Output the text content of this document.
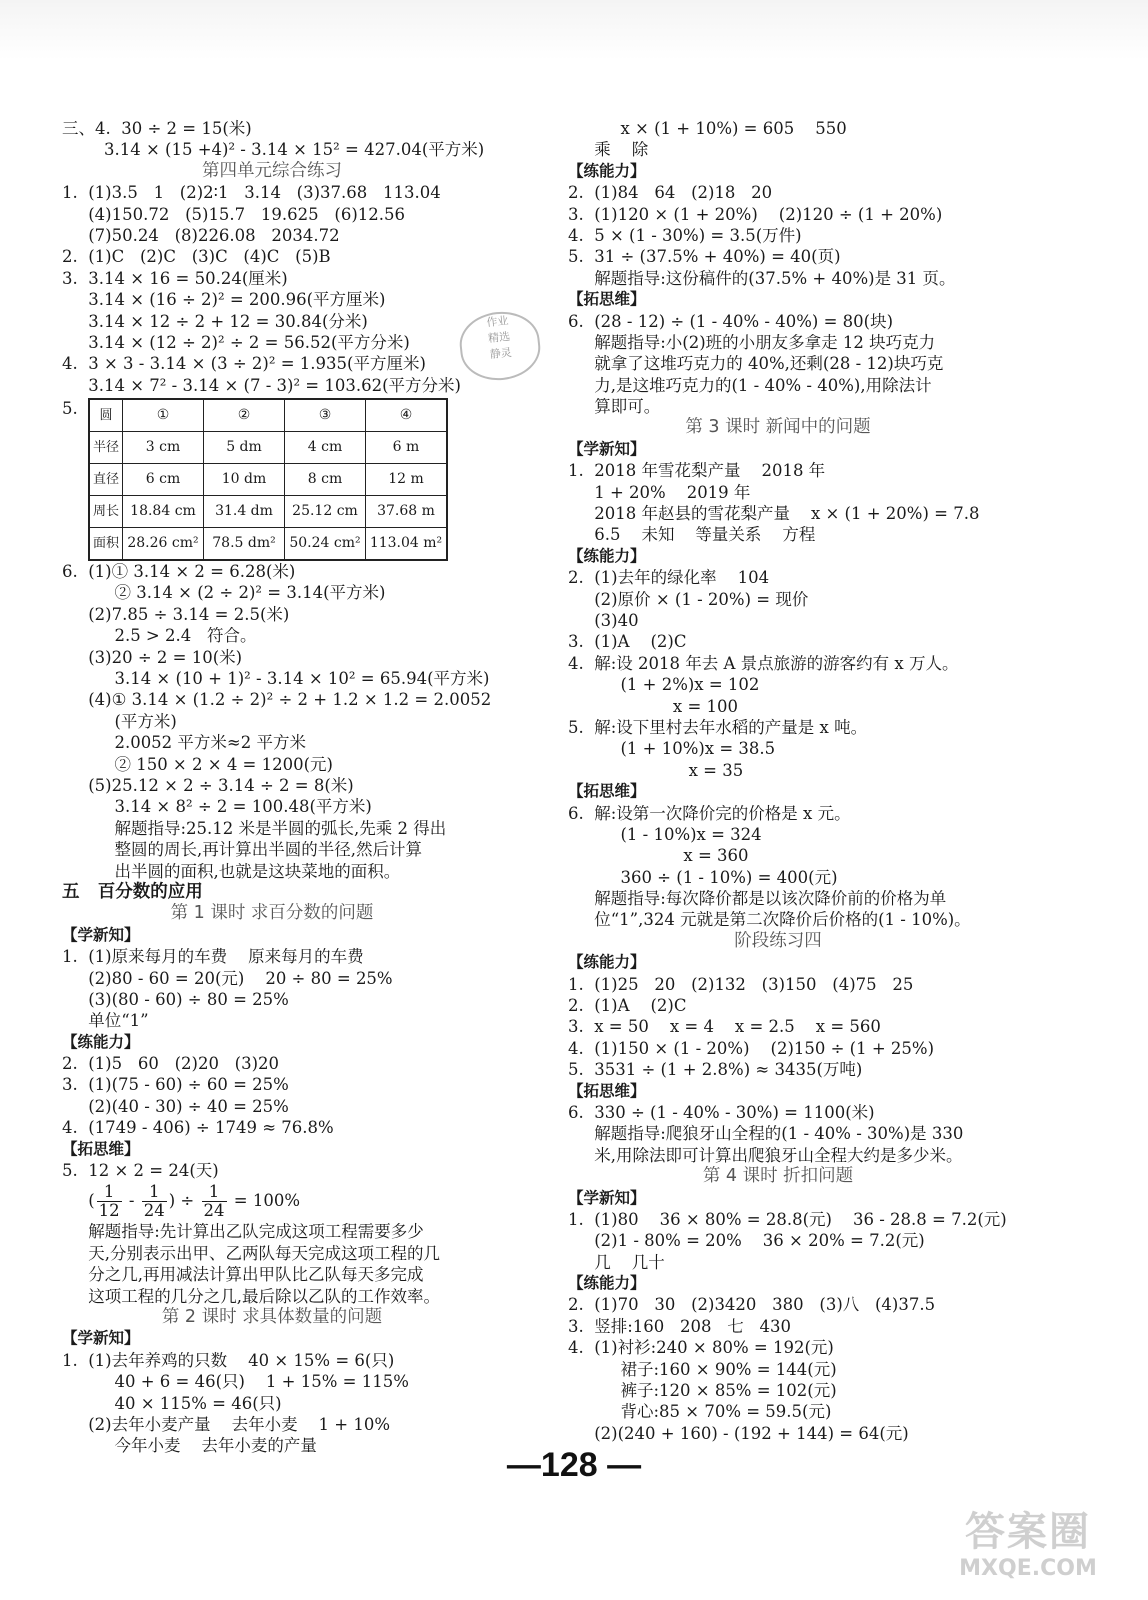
三、4.  30 ÷ 2 = 15(米)
3.14 × (15 +4)² - 3.14 × 15² = 427.04(平方米)
第四单元综合练习
1.  (1)3.5   1   (2)2∶1   3.14   (3)37.68   113.04
(4)150.72   (5)15.7   19.625   (6)12.56
(7)50.24   (8)226.08   2034.72
2.  (1)C   (2)C   (3)C   (4)C   (5)B
3.  3.14 × 16 = 50.24(厘米)
3.14 × (16 ÷ 2)² = 200.96(平方厘米)
3.14 × 12 ÷ 2 + 12 = 30.84(分米)
3.14 × (12 ÷ 2)² ÷ 2 = 56.52(平方分米)
4.  3 × 3 - 3.14 × (3 ÷ 2)² = 1.935(平方厘米)
3.14 × 7² - 3.14 × (7 - 3)² = 103.62(平方分米)
5. 圆	①	②	③	④
半径	3 cm	5 dm	4 cm	6 m
直径	6 cm	10 dm	8 cm	12 m
周长	18.84 cm	31.4 dm	25.12 cm	37.68 m
面积	28.26 cm²	78.5 dm²	50.24 cm²	113.04 m²
6.  (1)① 3.14 × 2 = 6.28(米)
② 3.14 × (2 ÷ 2)² = 3.14(平方米)
(2)7.85 ÷ 3.14 = 2.5(米)
2.5 > 2.4   符合。
(3)20 ÷ 2 = 10(米)
3.14 × (10 + 1)² - 3.14 × 10² = 65.94(平方米)
(4)① 3.14 × (1.2 ÷ 2)² ÷ 2 + 1.2 × 1.2 = 2.0052
(平方米)
2.0052 平方米≈2 平方米
② 150 × 2 × 4 = 1200(元)
(5)25.12 × 2 ÷ 3.14 ÷ 2 = 8(米)
3.14 × 8² ÷ 2 = 100.48(平方米)
解题指导:25.12 米是半圆的弧长,先乘 2 得出
整圆的周长,再计算出半圆的半径,然后计算
出半圆的面积,也就是这块菜地的面积。
五   百分数的应用
第 1 课时 求百分数的问题
【学新知】
1.  (1)原来每月的车费    原来每月的车费
(2)80 - 60 = 20(元)    20 ÷ 80 = 25%
(3)(80 - 60) ÷ 80 = 25%
单位“1”
【练能力】
2.  (1)5   60   (2)20   (3)20
3.  (1)(75 - 60) ÷ 60 = 25%
(2)(40 - 30) ÷ 40 = 25%
4.  (1749 - 406) ÷ 1749 ≈ 76.8%
【拓思维】
5.  12 × 2 = 24(天)
( $\frac{1}{12} - \frac{1}{24}$ ) ÷ $\frac{1}{24} = 100\%$
解题指导:先计算出乙队完成这项工程需要多少
天,分别表示出甲、乙两队每天完成这项工程的几
分之几,再用减法计算出甲队比乙队每天多完成
这项工程的几分之几,最后除以乙队的工作效率。
第 2 课时 求具体数量的问题
【学新知】
1.  (1)去年养鸡的只数    40 × 15% = 6(只)
40 + 6 = 46(只)    1 + 15% = 115%
40 × 115% = 46(只)
(2)去年小麦产量    去年小麦    1 + 10%
今年小麦    去年小麦的产量
x × (1 + 10%) = 605    550
乘    除
【练能力】
2.  (1)84   64   (2)18   20
3.  (1)120 × (1 + 20%)    (2)120 ÷ (1 + 20%)
4.  5 × (1 - 30%) = 3.5(万件)
5.  31 ÷ (37.5% + 40%) = 40(页)
解题指导:这份稿件的(37.5% + 40%)是 31 页。
【拓思维】
6.  (28 - 12) ÷ (1 - 40% - 40%) = 80(块)
解题指导:小(2)班的小朋友多拿走 12 块巧克力
就拿了这堆巧克力的 40%,还剩(28 - 12)块巧克
力,是这堆巧克力的(1 - 40% - 40%),用除法计
算即可。
第 3 课时 新闻中的问题
【学新知】
1.  2018 年雪花梨产量    2018 年
1 + 20%    2019 年
2018 年赵县的雪花梨产量    x × (1 + 20%) = 7.8
6.5    未知    等量关系    方程
【练能力】
2.  (1)去年的绿化率    104
(2)原价 × (1 - 20%) = 现价
(3)40
3.  (1)A    (2)C
4.  解:设 2018 年去 A 景点旅游的游客约有 x 万人。
(1 + 2%)x = 102
x = 100
5.  解:设下里村去年水稻的产量是 x 吨。
(1 + 10%)x = 38.5
x = 35
【拓思维】
6.  解:设第一次降价完的价格是 x 元。
(1 - 10%)x = 324
x = 360
360 ÷ (1 - 10%) = 400(元)
解题指导:每次降价都是以该次降价前的价格为单
位“1”,324 元就是第二次降价后价格的(1 - 10%)。
阶段练习四
【练能力】
1.  (1)25   20   (2)132   (3)150   (4)75   25
2.  (1)A    (2)C
3.  x = 50    x = 4    x = 2.5    x = 560
4.  (1)150 × (1 - 20%)    (2)150 ÷ (1 + 25%)
5.  3531 ÷ (1 + 2.8%) ≈ 3435(万吨)
【拓思维】
6.  330 ÷ (1 - 40% - 30%) = 1100(米)
解题指导:爬狼牙山全程的(1 - 40% - 30%)是 330
米,用除法即可计算出爬狼牙山全程大约是多少米。
第 4 课时 折扣问题
【学新知】
1.  (1)80    36 × 80% = 28.8(元)    36 - 28.8 = 7.2(元)
(2)1 - 80% = 20%    36 × 20% = 7.2(元)
几    几十
【练能力】
2.  (1)70   30   (2)3420   380   (3)八   (4)37.5
3.  竖排:160   208   七   430
4.  (1)衬衫:240 × 80% = 192(元)
裙子:160 × 90% = 144(元)
裤子:120 × 85% = 102(元)
背心:85 × 70% = 59.5(元)
(2)(240 + 160) - (192 + 144) = 64(元)
作业
精选
静灵
—128 —
答案圈
MXQE.COM
